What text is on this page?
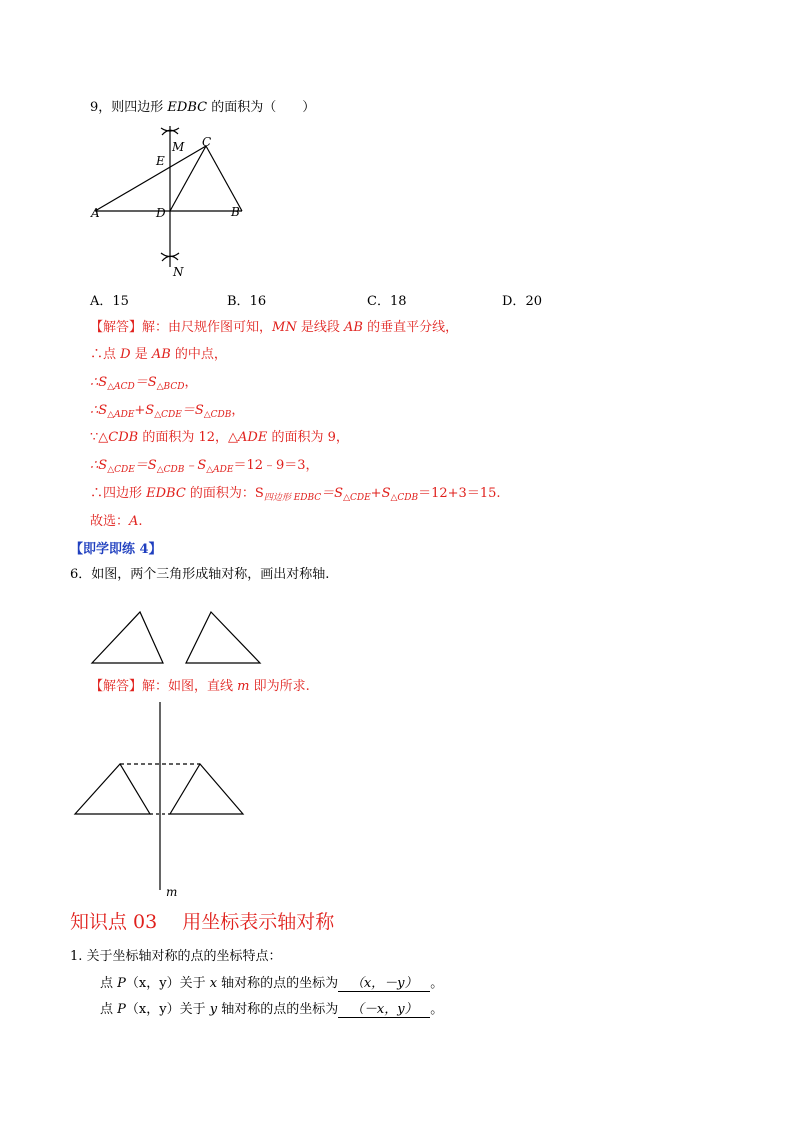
9，则四边形 EDBC 的面积为（　　）
M
E
C
A	D	B
N
A．15	B．16	C．18	D．20
【解答】解：由尺规作图可知，MN 是线段 AB 的垂直平分线，
∴点 D 是 AB 的中点，
$\therefore S_{\triangle ACD}=S_{\triangle BCD}$，
$\therefore S_{\triangle ADE}+S_{\triangle CDE}=S_{\triangle CDB}$，
∵△CDB 的面积为 12，△ADE 的面积为 9，
$\therefore S_{\triangle CDE}=S_{\triangle CDB}﹣S_{\triangle ADE}=12﹣9=3$，
∴四边形 EDBC 的面积为：$S_{四边形 EDBC}=S_{\triangle CDE}+S_{\triangle CDB}=12+3=15$.
故选：A.
【即学即练 4】
6．如图，两个三角形成轴对称，画出对称轴.
【解答】解：如图，直线 m 即为所求.
m
知识点 03　 用坐标表示轴对称
1. 关于坐标轴对称的点的坐标特点：
点 P（x，y）关于 x 轴对称的点的坐标为 （x，－y） 。
点 P（x，y）关于 y 轴对称的点的坐标为 （－x，y） 。
